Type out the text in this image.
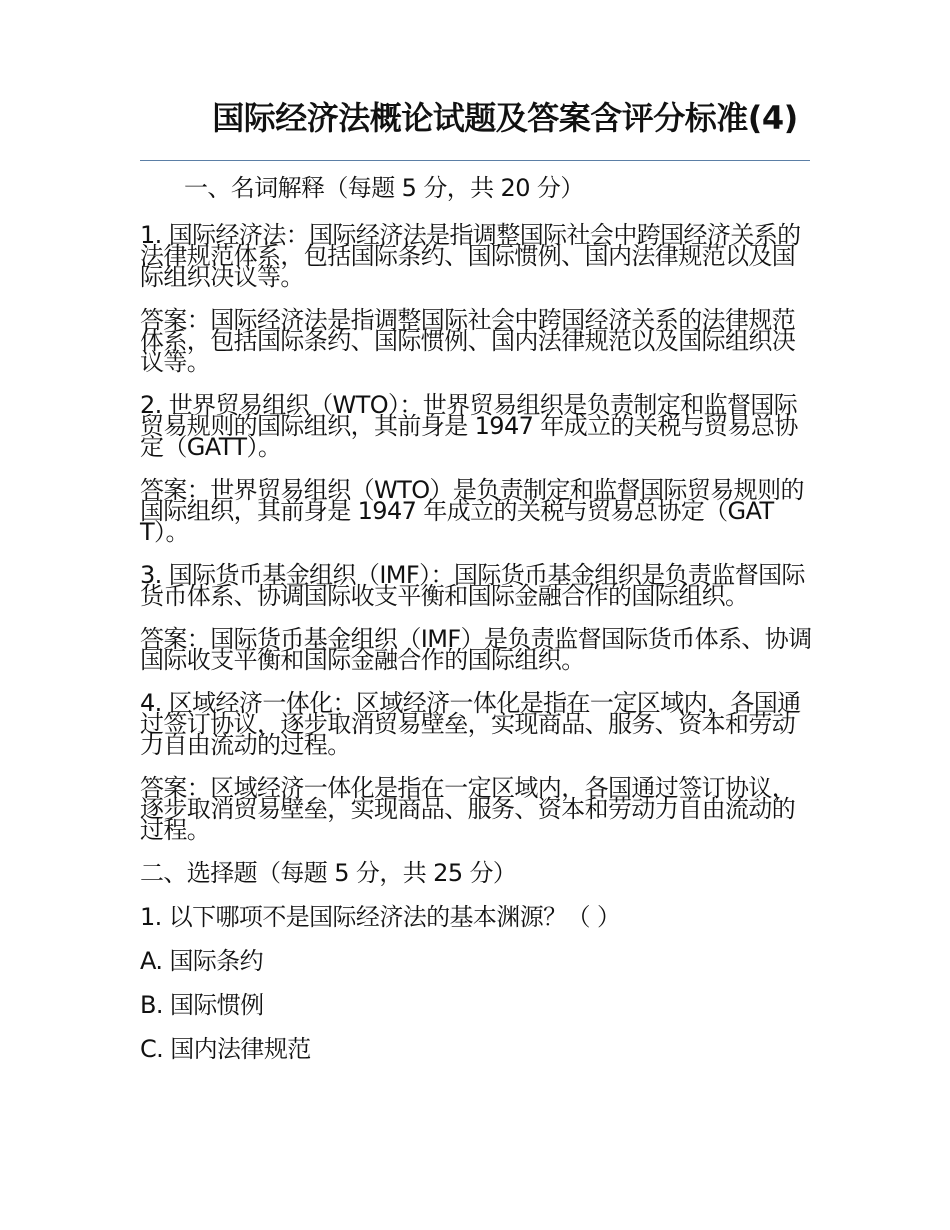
国际经济法概论试题及答案含评分标准(4)

一、名词解释（每题 5 分，共 20 分）

1. 国际经济法：国际经济法是指调整国际社会中跨国经济关系的法律规范体系，包括国际条约、国际惯例、国内法律规范以及国际组织决议等。

答案：国际经济法是指调整国际社会中跨国经济关系的法律规范体系，包括国际条约、国际惯例、国内法律规范以及国际组织决议等。

2. 世界贸易组织（WTO）：世界贸易组织是负责制定和监督国际贸易规则的国际组织，其前身是 1947 年成立的关税与贸易总协定（GATT）。

答案：世界贸易组织（WTO）是负责制定和监督国际贸易规则的国际组织，其前身是 1947 年成立的关税与贸易总协定（GATT）。

3. 国际货币基金组织（IMF）：国际货币基金组织是负责监督国际货币体系、协调国际收支平衡和国际金融合作的国际组织。

答案：国际货币基金组织（IMF）是负责监督国际货币体系、协调国际收支平衡和国际金融合作的国际组织。

4. 区域经济一体化：区域经济一体化是指在一定区域内，各国通过签订协议，逐步取消贸易壁垒，实现商品、服务、资本和劳动力自由流动的过程。

答案：区域经济一体化是指在一定区域内，各国通过签订协议，逐步取消贸易壁垒，实现商品、服务、资本和劳动力自由流动的过程。

二、选择题（每题 5 分，共 25 分）

1. 以下哪项不是国际经济法的基本渊源？（ ）

A. 国际条约

B. 国际惯例

C. 国内法律规范
